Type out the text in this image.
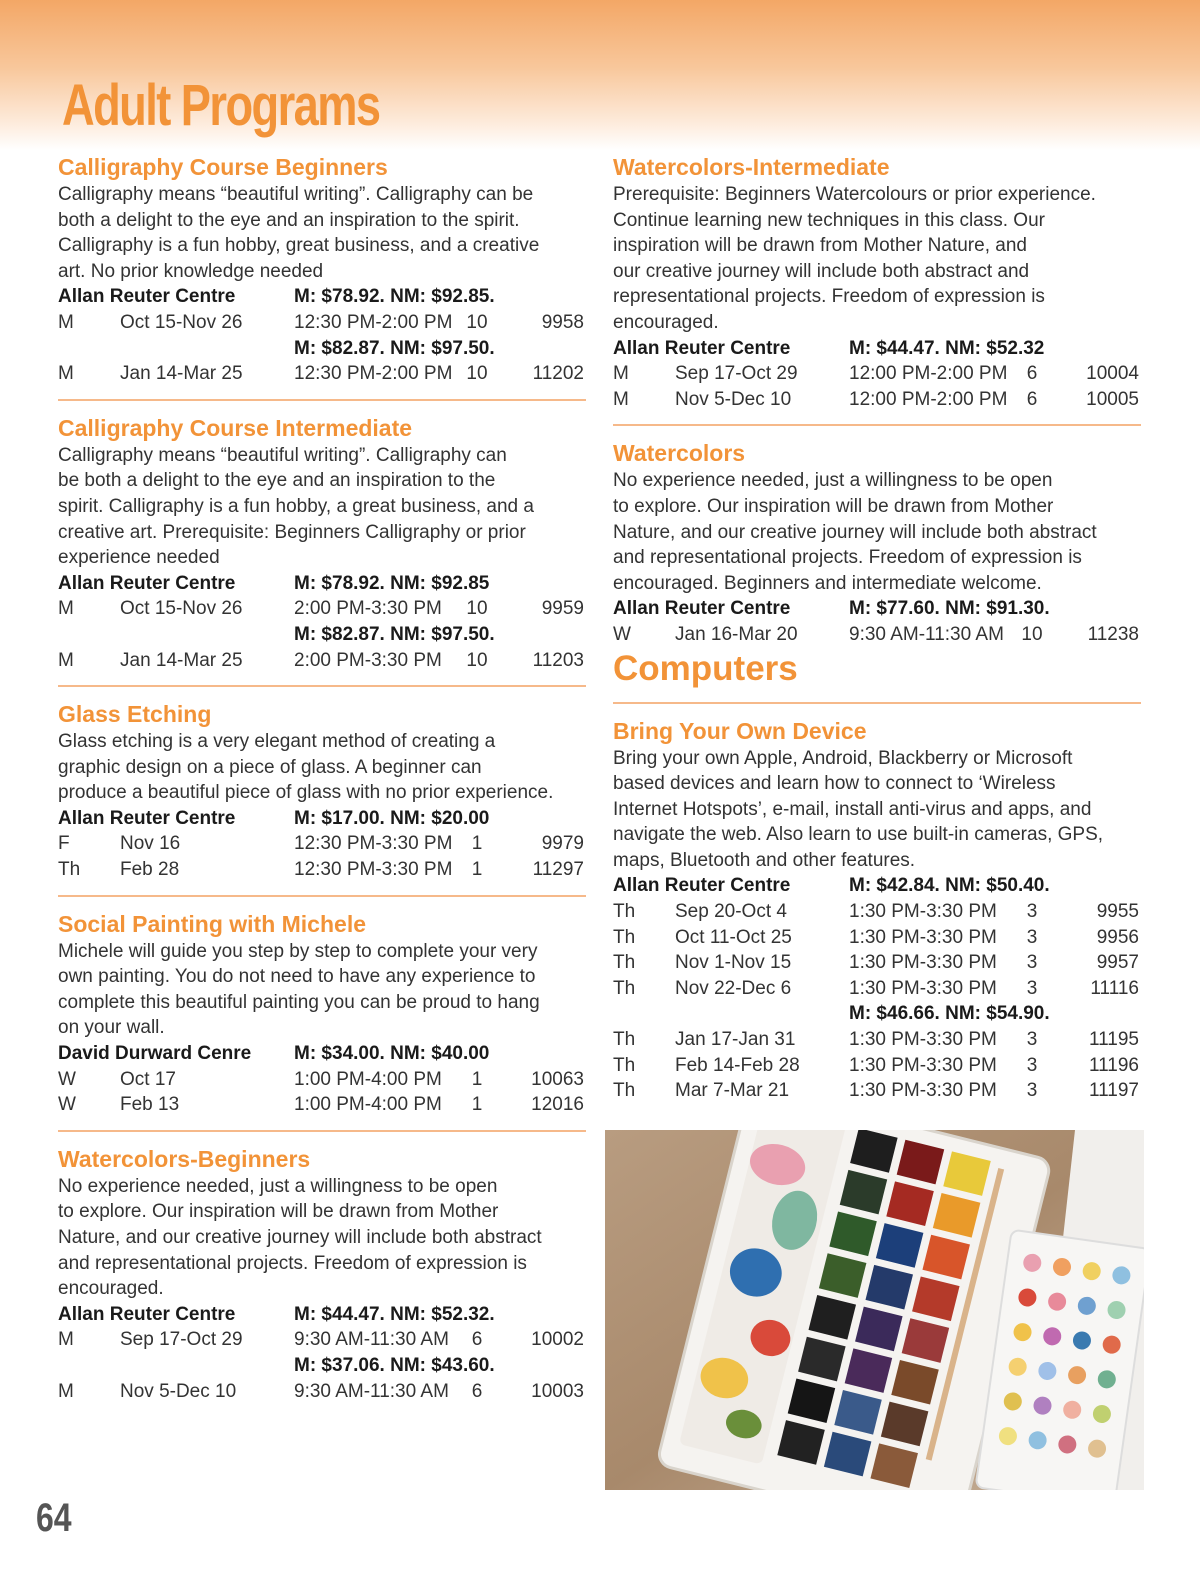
Adult Programs
Calligraphy Course Beginners
Calligraphy means “beautiful writing”. Calligraphy can be
both a delight to the eye and an inspiration to the spirit.
Calligraphy is a fun hobby, great business, and a creative
art. No prior knowledge needed
Allan Reuter Centre	M: $78.92. NM: $92.85.
M Oct 15-Nov 26	12:30 PM-2:00 PM 10	9958
M: $82.87. NM: $97.50.
M Jan 14-Mar 25	12:30 PM-2:00 PM 10	11202
Calligraphy Course Intermediate
Calligraphy means “beautiful writing”. Calligraphy can
be both a delight to the eye and an inspiration to the
spirit. Calligraphy is a fun hobby, a great business, and a
creative art. Prerequisite: Beginners Calligraphy or prior
experience needed
Allan Reuter Centre	M: $78.92. NM: $92.85
M Oct 15-Nov 26	2:00 PM-3:30 PM	10	9959
M: $82.87. NM: $97.50.
M Jan 14-Mar 25	2:00 PM-3:30 PM	10	11203
Glass Etching
Glass etching is a very elegant method of creating a
graphic design on a piece of glass. A beginner can
produce a beautiful piece of glass with no prior experience.
Allan Reuter Centre	M: $17.00. NM: $20.00
F	Nov 16	12:30 PM-3:30 PM	1	9979
Th Feb 28	12:30 PM-3:30 PM	1	11297
Social Painting with Michele
Michele will guide you step by step to complete your very
own painting. You do not need to have any experience to
complete this beautiful painting you can be proud to hang
on your wall.
David Durward Cenre M: $34.00. NM: $40.00
W Oct 17	1:00 PM-4:00 PM	1	10063
W Feb 13	1:00 PM-4:00 PM	1	12016
Watercolors-Beginners
No experience needed, just a willingness to be open
to explore. Our inspiration will be drawn from Mother
Nature, and our creative journey will include both abstract
and representational projects. Freedom of expression is
encouraged.
Allan Reuter Centre	M: $44.47. NM: $52.32.
M Sep 17-Oct 29	9:30 AM-11:30 AM	6	10002
M: $37.06. NM: $43.60.
M Nov 5-Dec 10	9:30 AM-11:30 AM	6	10003
Watercolors-Intermediate
Prerequisite: Beginners Watercolours or prior experience.
Continue learning new techniques in this class. Our
inspiration will be drawn from Mother Nature, and
our creative journey will include both abstract and
representational projects. Freedom of expression is
encouraged.
Allan Reuter Centre	M: $44.47. NM: $52.32
M Sep 17-Oct 29	12:00 PM-2:00 PM	6	10004
M Nov 5-Dec 10	12:00 PM-2:00 PM	6	10005
Watercolors
No experience needed, just a willingness to be open
to explore. Our inspiration will be drawn from Mother
Nature, and our creative journey will include both abstract
and representational projects. Freedom of expression is
encouraged. Beginners and intermediate welcome.
Allan Reuter Centre	M: $77.60. NM: $91.30.
W Jan 16-Mar 20	9:30 AM-11:30 AM 10	11238
Computers
Bring Your Own Device
Bring your own Apple, Android, Blackberry or Microsoft
based devices and learn how to connect to ‘Wireless
Internet Hotspots’, e-mail, install anti-virus and apps, and
navigate the web. Also learn to use built-in cameras, GPS,
maps, Bluetooth and other features.
Allan Reuter Centre	M: $42.84. NM: $50.40.
Th Sep 20-Oct 4	1:30 PM-3:30 PM	3	9955
Th Oct 11-Oct 25	1:30 PM-3:30 PM	3	9956
Th Nov 1-Nov 15	1:30 PM-3:30 PM	3	9957
Th Nov 22-Dec 6	1:30 PM-3:30 PM	3	11116
M: $46.66. NM: $54.90.
Th Jan 17-Jan 31	1:30 PM-3:30 PM	3	11195
Th Feb 14-Feb 28	1:30 PM-3:30 PM	3	11196
Th Mar 7-Mar 21	1:30 PM-3:30 PM	3	11197
64
